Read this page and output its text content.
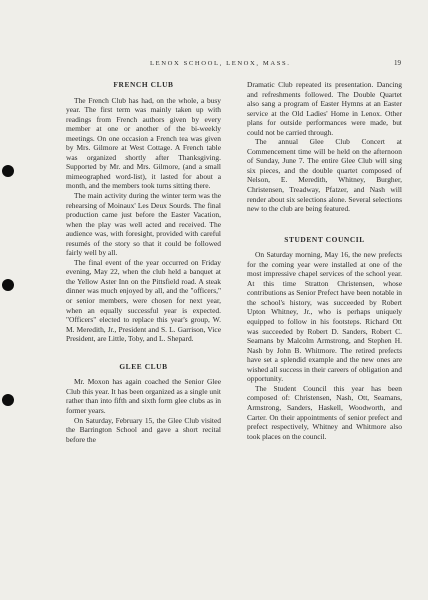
LENOX SCHOOL, LENOX, MASS.	19
FRENCH CLUB

The French Club has had, on the whole, a busy year. The first term was mainly taken up with readings from French authors given by every member at one or another of the bi-weekly meetings. On one occasion a French tea was given by Mrs. Gilmore at West Cottage. A French table was organized shortly after Thanksgiving. Supported by Mr. and Mrs. Gilmore, (and a small mimeographed word-list), it lasted for about a month, and the members took turns sitting there.

The main activity during the winter term was the rehearsing of Moinaux' Les Deux Sourds. The final production came just before the Easter Vacation, when the play was well acted and received. The audience was, with foresight, provided with careful resumés of the story so that it could be followed fairly well by all.

The final event of the year occurred on Friday evening, May 22, when the club held a banquet at the Yellow Aster Inn on the Pittsfield road. A steak dinner was much enjoyed by all, and the "officers," or senior members, were chosen for next year, when an equally successful year is expected. "Officers" elected to replace this year's group, W. M. Meredith, Jr., President and S. L. Garrison, Vice President, are Little, Toby, and L. Shepard.

GLEE CLUB

Mr. Moxon has again coached the Senior Glee Club this year. It has been organized as a single unit rather than into fifth and sixth form glee clubs as in former years.

On Saturday, February 15, the Glee Club visited the Barrington School and gave a short recital before the

Dramatic Club repeated its presentation. Dancing and refreshments followed. The Double Quartet also sang a program of Easter Hymns at an Easter service at the Old Ladies' Home in Lenox. Other plans for outside performances were made, but could not be carried through.

The annual Glee Club Concert at Commencement time will be held on the afternoon of Sunday, June 7. The entire Glee Club will sing six pieces, and the double quartet composed of Nelson, E. Meredith, Whitney, Burgher, Christensen, Treadway, Pfatzer, and Nash will render about six selections alone. Several selections new to the club are being featured.

STUDENT COUNCIL

On Saturday morning, May 16, the new prefects for the coming year were installed at one of the most impressive chapel services of the school year. At this time Stratton Christensen, whose contributions as Senior Prefect have been notable in the school's history, was succeeded by Robert Upton Whitney, Jr., who is perhaps uniquely equipped to follow in his footsteps. Richard Ott was succeeded by Robert D. Sanders, Robert C. Seamans by Malcolm Armstrong, and Stephen H. Nash by John B. Whitmore. The retired prefects have set a splendid example and the new ones are wished all success in their careers of obligation and opportunity.

The Student Council this year has been composed of: Christensen, Nash, Ott, Seamans, Armstrong, Sanders, Haskell, Woodworth, and Carter. On their appointments of senior prefect and prefect respectively, Whitney and Whitmore also took places on the council.
